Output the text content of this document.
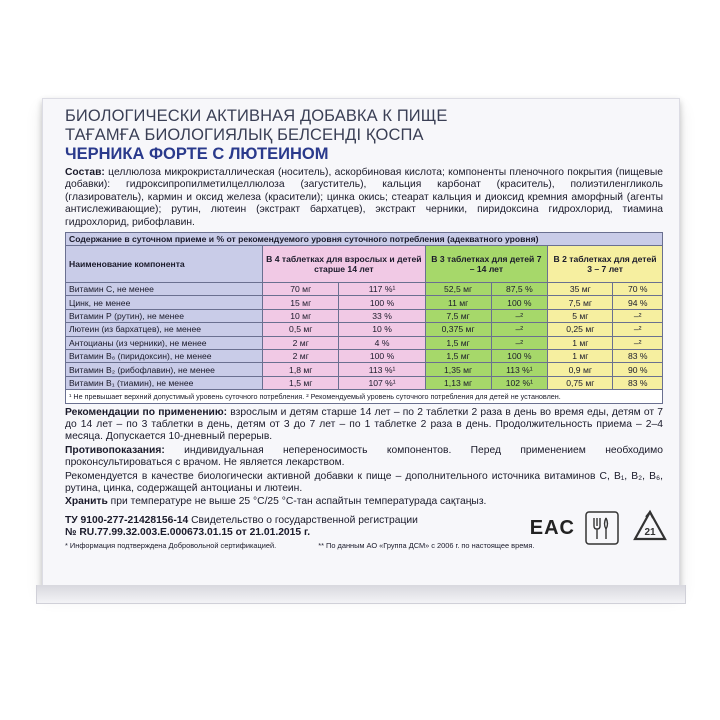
БИОЛОГИЧЕСКИ АКТИВНАЯ ДОБАВКА К ПИЩЕ
ТАҒАМҒА БИОЛОГИЯЛЫҚ БЕЛСЕНДІ ҚОСПА
ЧЕРНИКА ФОРТЕ С ЛЮТЕИНОМ
Состав: целлюлоза микрокристаллическая (носитель), аскорбиновая кислота; компоненты пленочного покрытия (пищевые добавки): гидроксипропилметилцеллюлоза (загуститель), кальция карбонат (краситель), полиэтиленгликоль (глазирователь), кармин и оксид железа (красители); цинка окись; стеарат кальция и диоксид кремния аморфный (агенты антислеживающие); рутин, лютеин (экстракт бархатцев), экстракт черники, пиридоксина гидрохлорид, тиамина гидрохлорид, рибофлавин.
Содержание в суточном приеме и % от рекомендуемого уровня суточного потребления (адекватного уровня)						
Наименование компонента	В 4 таблетках для взрослых и детей старше 14 лет		В 3 таблетках для детей 7 – 14 лет		В 2 таблетках для детей 3 – 7 лет	
Витамин С, не менее	70 мг	117 %¹	52,5 мг	87,5 %	35 мг	70 %
Цинк, не менее	15 мг	100 %	11 мг	100 %	7,5 мг	94 %
Витамин Р (рутин), не менее	10 мг	33 %	7,5 мг	–²	5 мг	–²
Лютеин (из бархатцев), не менее	0,5 мг	10 %	0,375 мг	–²	0,25 мг	–²
Антоцианы (из черники), не менее	2 мг	4 %	1,5 мг	–²	1 мг	–²
Витамин В₆ (пиридоксин), не менее	2 мг	100 %	1,5 мг	100 %	1 мг	83 %
Витамин В₂ (рибофлавин), не менее	1,8 мг	113 %¹	1,35 мг	113 %¹	0,9 мг	90 %
Витамин В₁ (тиамин), не менее	1,5 мг	107 %¹	1,13 мг	102 %¹	0,75 мг	83 %
¹ Не превышает верхний допустимый уровень суточного потребления. ² Рекомендуемый уровень суточного потребления для детей не установлен.						
Рекомендации по применению: взрослым и детям старше 14 лет – по 2 таблетки 2 раза в день во время еды, детям от 7 до 14 лет – по 3 таблетки в день, детям от 3 до 7 лет – по 1 таблетке 2 раза в день. Продолжительность приема – 2–4 месяца. Допускается 10-дневный перерыв.
Противопоказания: индивидуальная непереносимость компонентов. Перед применением необходимо проконсультироваться с врачом. Не является лекарством.
Рекомендуется в качестве биологически активной добавки к пище – дополнительного источника витаминов С, В₁, В₂, В₆, рутина, цинка, содержащей антоцианы и лютеин.
Хранить при температуре не выше 25 °C/25 °C-тан аспайтын температурада сақтаңыз.
ТУ 9100-277-21428156-14 Свидетельство о государственной регистрации
№ RU.77.99.32.003.E.000673.01.15 от 21.01.2015 г.
* Информация подтверждена Добровольной сертификацией.	** По данным АО «Группа ДСМ» с 2006 г. по настоящее время.
EAC	21
